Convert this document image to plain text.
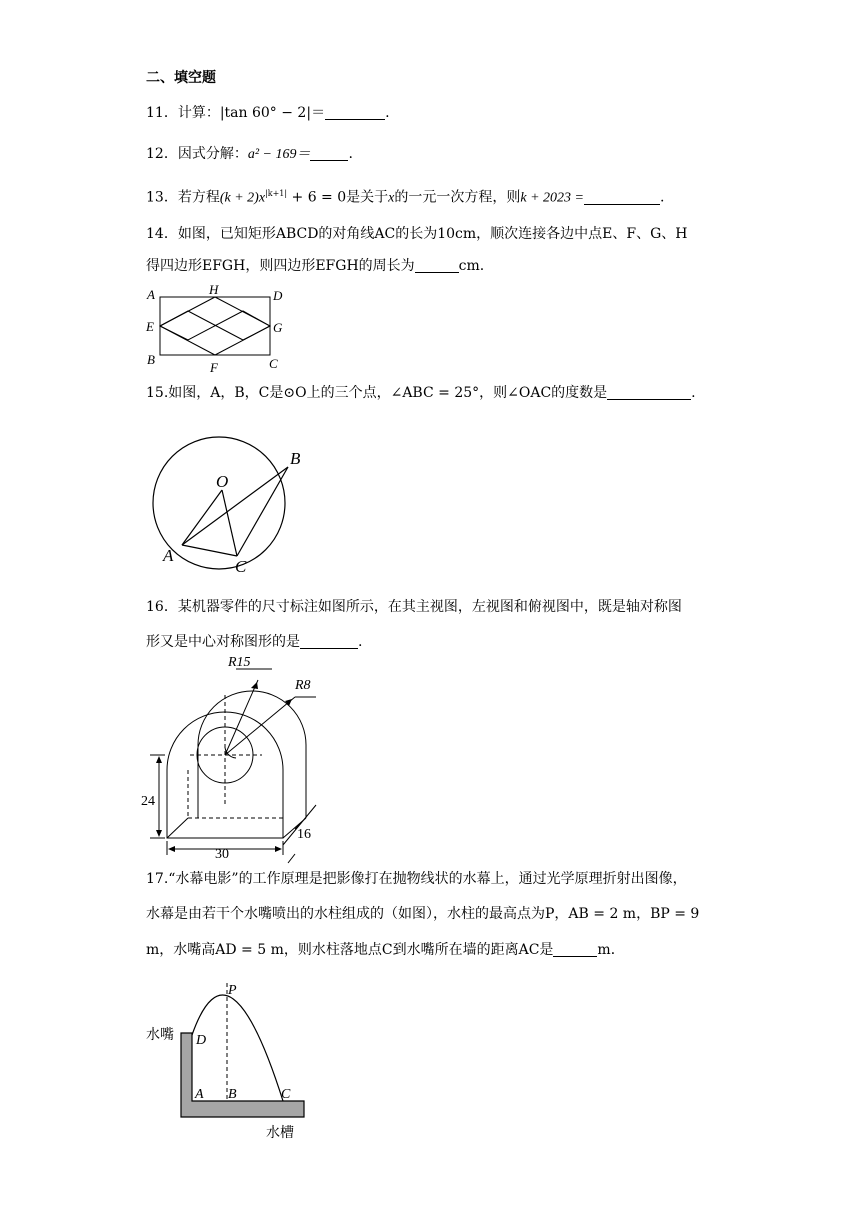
二、填空题
11．计算：|tan 60° − 2|＝	.
12．因式分解：a² − 169＝	.
13．若方程$(k + 2)x^{|k+1|} + 6 = 0$是关于x的一元一次方程，则k + 2023 =	.
14．如图，已知矩形ABCD的对角线AC的长为10cm，顺次连接各边中点E、F、G、H
得四边形EFGH，则四边形EFGH的周长为	cm.
A	H	D
E	G
B
F	C
15.如图，A，B，C是⊙O上的三个点，∠ABC = 25°，则∠OAC的度数是	.
O
B
A
C
16．某机器零件的尺寸标注如图所示，在其主视图，左视图和俯视图中，既是轴对称图
形又是中心对称图形的是	.
R15
R8
24
16
30
17.“水幕电影”的工作原理是把影像打在抛物线状的水幕上，通过光学原理折射出图像，
水幕是由若干个水嘴喷出的水柱组成的（如图），水柱的最高点为P，AB = 2 m，BP = 9
m，水嘴高AD = 5 m，则水柱落地点C到水嘴所在墙的距离AC是	m．
P
D
A B	C
水嘴
水槽
